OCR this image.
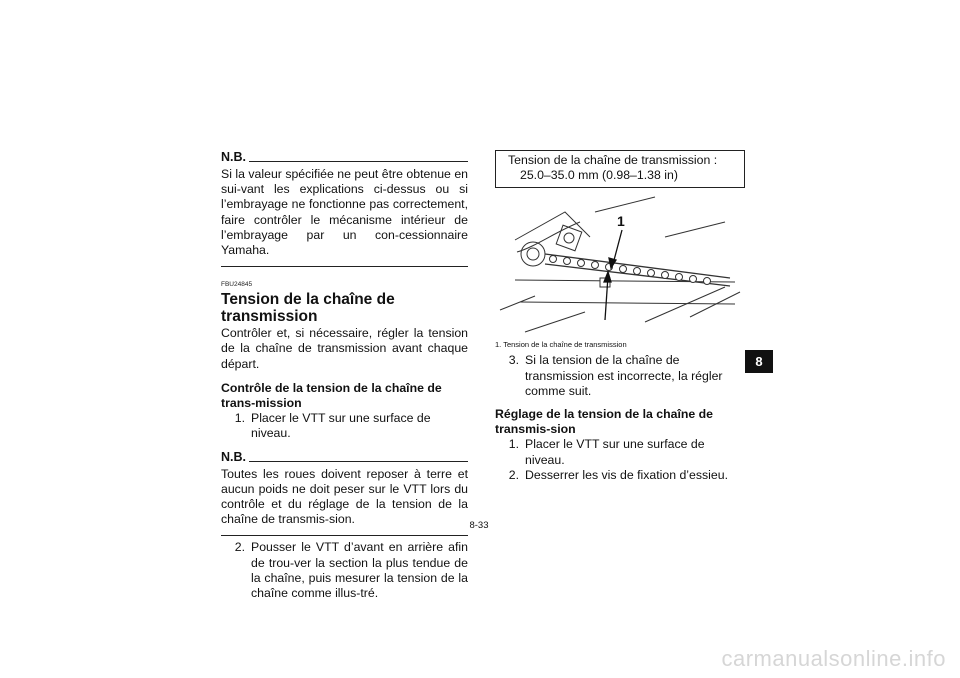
N.B.
Si la valeur spécifiée ne peut être obtenue en sui-vant les explications ci-dessus ou si l’embrayage ne fonctionne pas correctement, faire contrôler le mécanisme intérieur de l’embrayage par un con-cessionnaire Yamaha.
FBU24845
Tension de la chaîne de transmission
Contrôler et, si nécessaire, régler la tension de la chaîne de transmission avant chaque départ.
Contrôle de la tension de la chaîne de trans-mission
1. Placer le VTT sur une surface de niveau.
N.B.
Toutes les roues doivent reposer à terre et aucun poids ne doit peser sur le VTT lors du contrôle et du réglage de la tension de la chaîne de transmis-sion.
2. Pousser le VTT d’avant en arrière afin de trou-ver la section la plus tendue de la chaîne, puis mesurer la tension de la chaîne comme illus-tré.
Tension de la chaîne de transmission :
25.0–35.0 mm (0.98–1.38 in)
1
1. Tension de la chaîne de transmission
3. Si la tension de la chaîne de transmission est incorrecte, la régler comme suit.
Réglage de la tension de la chaîne de transmis-sion
1. Placer le VTT sur une surface de niveau.
2. Desserrer les vis de fixation d’essieu.
8
8-33
carmanualsonline.info
